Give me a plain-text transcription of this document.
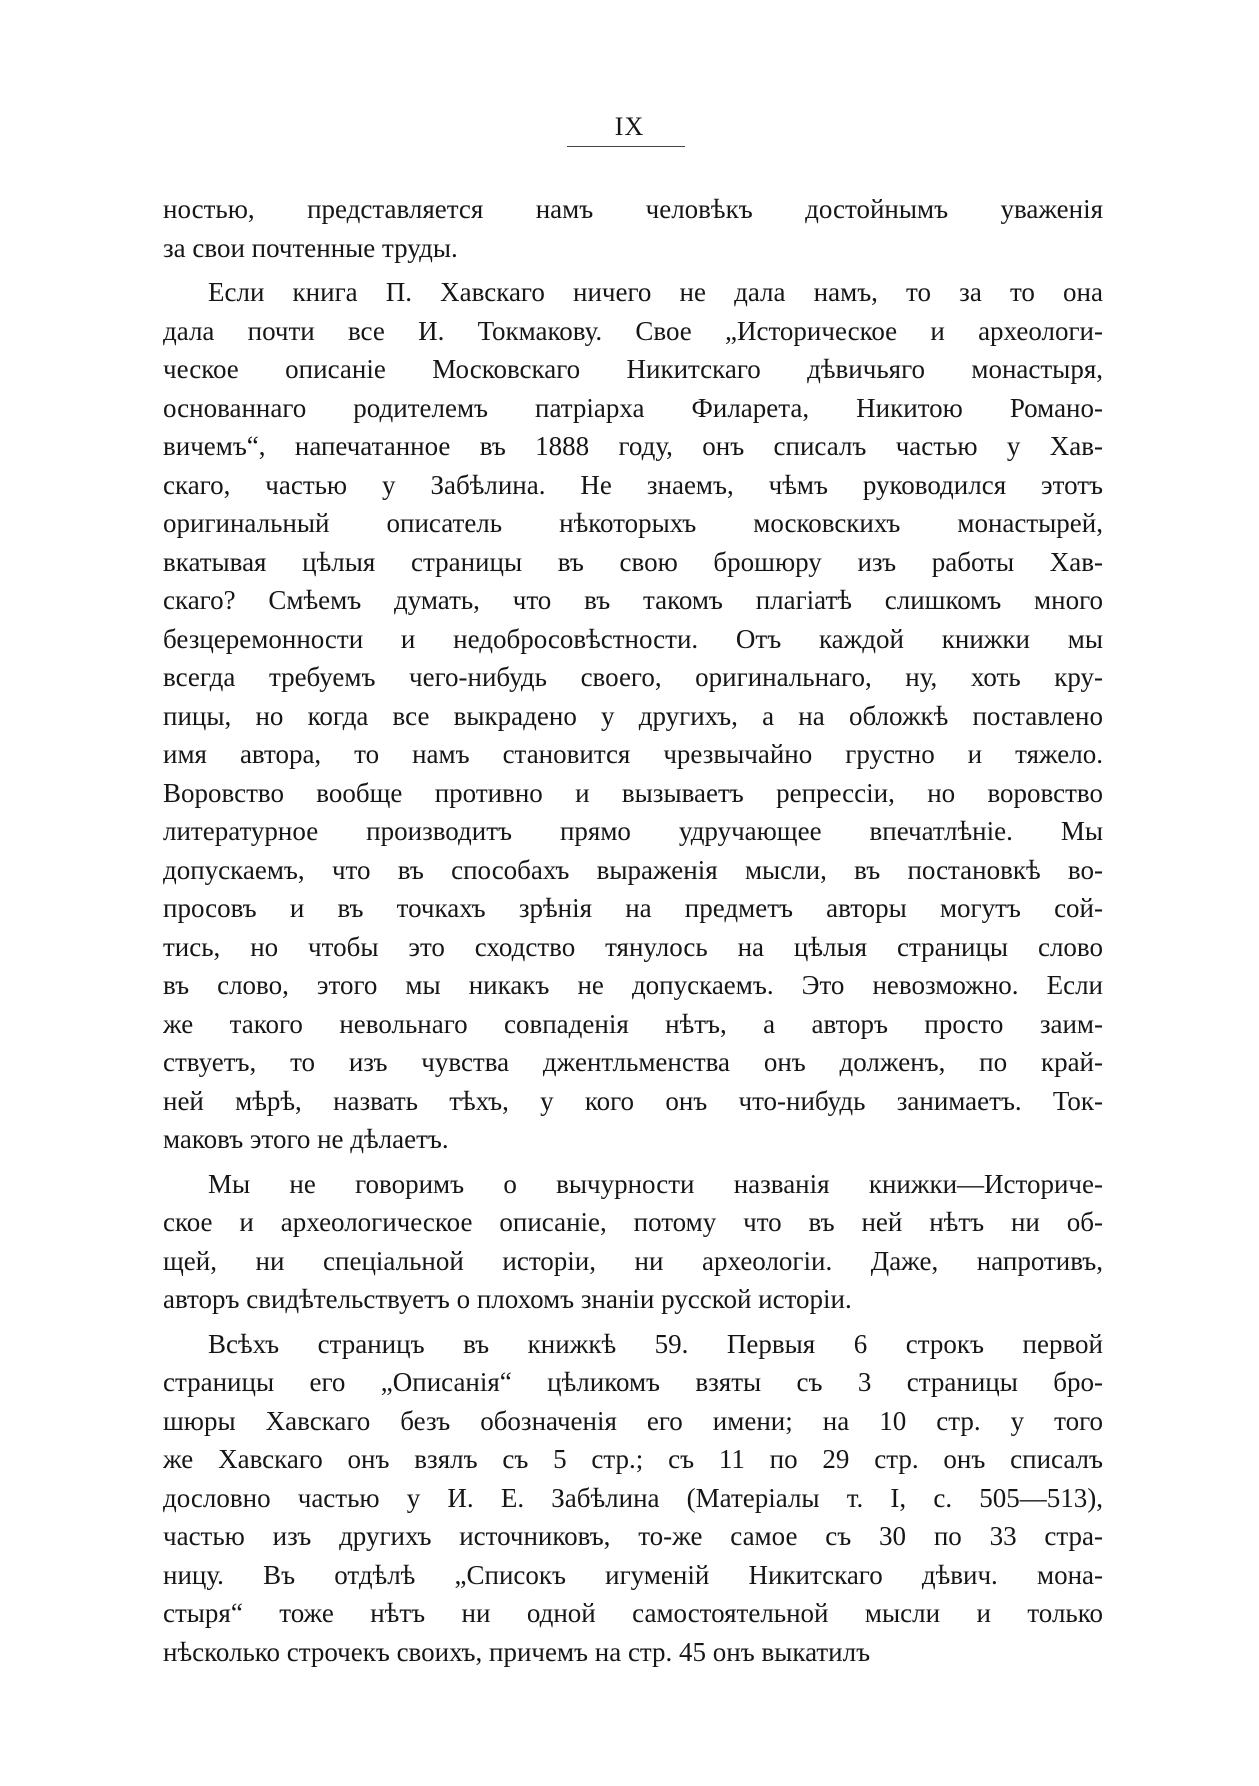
IX
ностью, представляется намъ человѣкъ достойнымъ уваженія
за свои почтенные труды.
Если книга П. Хавскаго ничего не дала намъ, то за то она
дала почти все И. Токмакову. Свое „Историческое и археологи-
ческое описаніе Московскаго Никитскаго дѣвичьяго монастыря,
основаннаго родителемъ патріарха Филарета, Никитою Романо-
вичемъ“, напечатанное въ 1888 году, онъ списалъ частью у Хав-
скаго, частью у Забѣлина. Не знаемъ, чѣмъ руководился этотъ
оригинальный описатель нѣкоторыхъ московскихъ монастырей,
вкатывая цѣлыя страницы въ свою брошюру изъ работы Хав-
скаго? Смѣемъ думать, что въ такомъ плагіатѣ слишкомъ много
безцеремонности и недобросовѣстности. Отъ каждой книжки мы
всегда требуемъ чего-нибудь своего, оригинальнаго, ну, хоть кру-
пицы, но когда все выкрадено у другихъ, а на обложкѣ поставлено
имя автора, то намъ становится чрезвычайно грустно и тяжело.
Воровство вообще противно и вызываетъ репрессіи, но воровство
литературное производитъ прямо удручающее впечатлѣніе. Мы
допускаемъ, что въ способахъ выраженія мысли, въ постановкѣ во-
просовъ и въ точкахъ зрѣнія на предметъ авторы могутъ сой-
тись, но чтобы это сходство тянулось на цѣлыя страницы слово
въ слово, этого мы никакъ не допускаемъ. Это невозможно. Если
же такого невольнаго совпаденія нѣтъ, а авторъ просто заим-
ствуетъ, то изъ чувства джентльменства онъ долженъ, по край-
ней мѣрѣ, назвать тѣхъ, у кого онъ что-нибудь занимаетъ. Ток-
маковъ этого не дѣлаетъ.
Мы не говоримъ о вычурности названія книжки—Историче-
ское и археологическое описаніе, потому что въ ней нѣтъ ни об-
щей, ни спеціальной исторіи, ни археологіи. Даже, напротивъ,
авторъ свидѣтельствуетъ о плохомъ знаніи русской исторіи.
Всѣхъ страницъ въ книжкѣ 59. Первыя 6 строкъ первой
страницы его „Описанія“ цѣликомъ взяты съ 3 страницы бро-
шюры Хавскаго безъ обозначенія его имени; на 10 стр. у того
же Хавскаго онъ взялъ съ 5 стр.; съ 11 по 29 стр. онъ списалъ
дословно частью у И. Е. Забѣлина (Матеріалы т. I, с. 505—513),
частью изъ другихъ источниковъ, то-же самое съ 30 по 33 стра-
ницу. Въ отдѣлѣ „Списокъ игуменій Никитскаго дѣвич. мона-
стыря“ тоже нѣтъ ни одной самостоятельной мысли и только
нѣсколько строчекъ своихъ, причемъ на стр. 45 онъ выкатилъ
